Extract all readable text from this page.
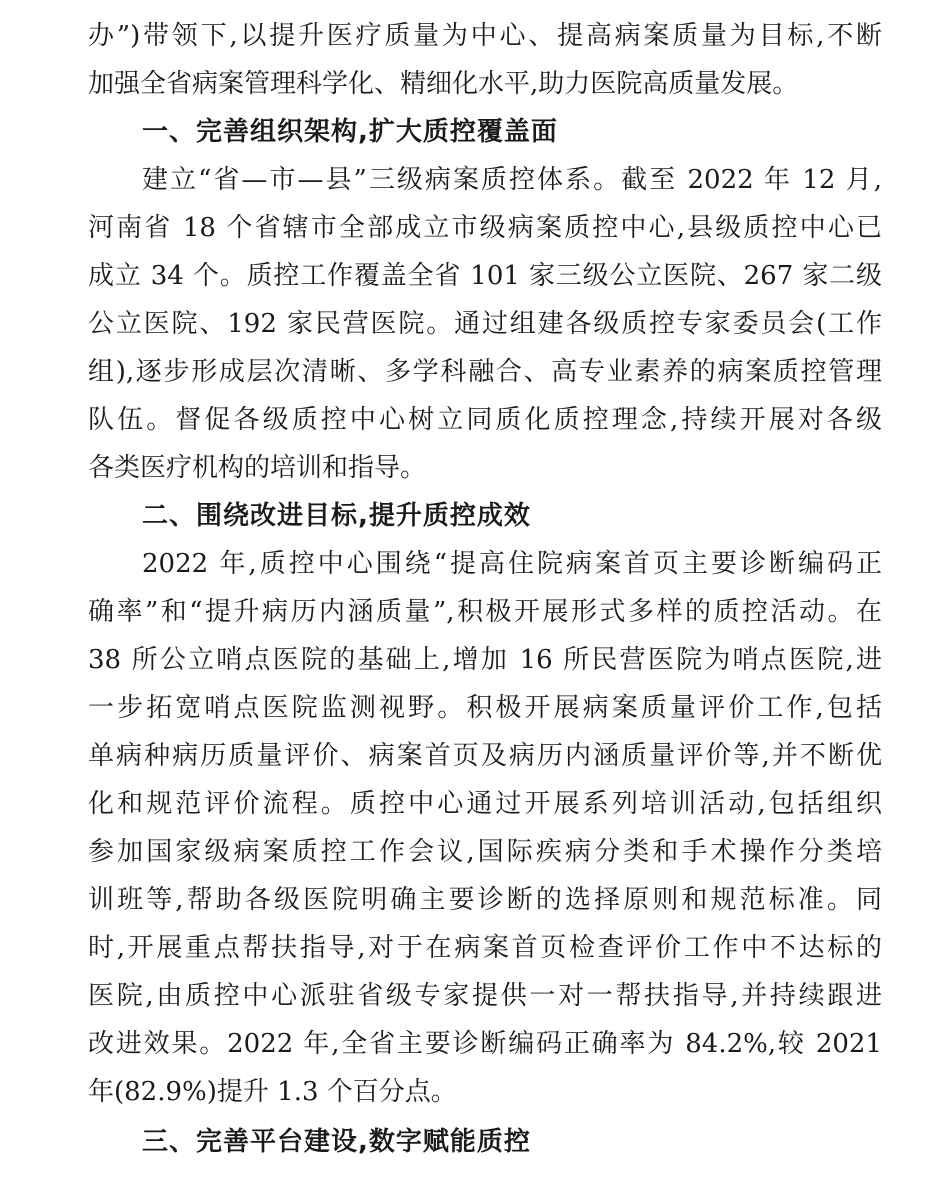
办”)带领下,以提升医疗质量为中心、提高病案质量为目标,不断
加强全省病案管理科学化、精细化水平,助力医院高质量发展。
一、完善组织架构,扩大质控覆盖面
建立“省—市—县”三级病案质控体系。截至 2022 年 12 月,
河南省 18 个省辖市全部成立市级病案质控中心,县级质控中心已
成立 34 个。质控工作覆盖全省 101 家三级公立医院、267 家二级
公立医院、192 家民营医院。通过组建各级质控专家委员会(工作
组),逐步形成层次清晰、多学科融合、高专业素养的病案质控管理
队伍。督促各级质控中心树立同质化质控理念,持续开展对各级
各类医疗机构的培训和指导。
二、围绕改进目标,提升质控成效
2022 年,质控中心围绕“提高住院病案首页主要诊断编码正
确率”和“提升病历内涵质量”,积极开展形式多样的质控活动。在
38 所公立哨点医院的基础上,增加 16 所民营医院为哨点医院,进
一步拓宽哨点医院监测视野。积极开展病案质量评价工作,包括
单病种病历质量评价、病案首页及病历内涵质量评价等,并不断优
化和规范评价流程。质控中心通过开展系列培训活动,包括组织
参加国家级病案质控工作会议,国际疾病分类和手术操作分类培
训班等,帮助各级医院明确主要诊断的选择原则和规范标准。同
时,开展重点帮扶指导,对于在病案首页检查评价工作中不达标的
医院,由质控中心派驻省级专家提供一对一帮扶指导,并持续跟进
改进效果。2022 年,全省主要诊断编码正确率为 84.2%,较 2021
年(82.9%)提升 1.3 个百分点。
三、完善平台建设,数字赋能质控
